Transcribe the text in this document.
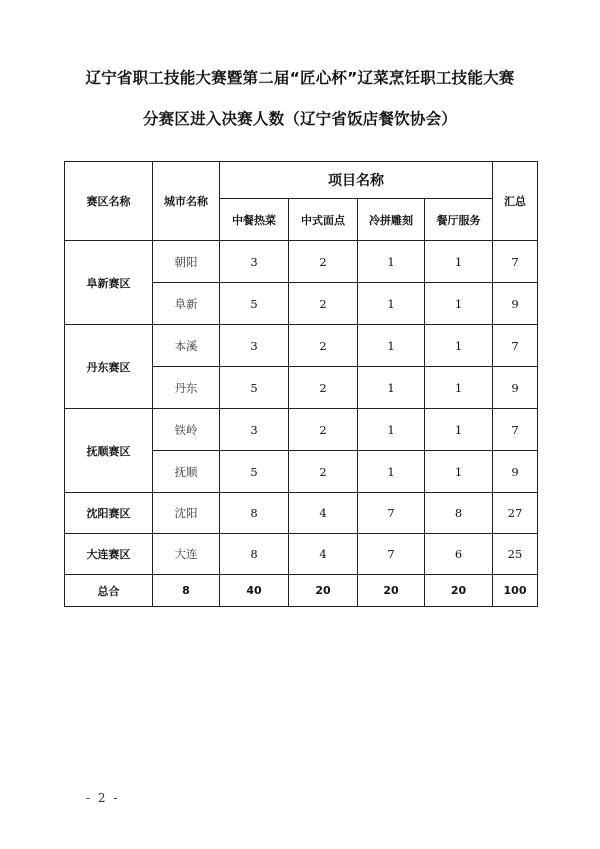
辽宁省职工技能大赛暨第二届“匠心杯”辽菜烹饪职工技能大赛
分赛区进入决赛人数（辽宁省饭店餐饮协会）
赛区名称	城市名称	项目名称				汇总
		中餐热菜	中式面点	冷拼雕刻	餐厅服务	
阜新赛区	朝阳	3	2	1	1	7
	阜新	5	2	1	1	9
丹东赛区	本溪	3	2	1	1	7
	丹东	5	2	1	1	9
抚顺赛区	铁岭	3	2	1	1	7
	抚顺	5	2	1	1	9
沈阳赛区	沈阳	8	4	7	8	27
大连赛区	大连	8	4	7	6	25
总合	8	40	20	20	20	100
- 2 -
